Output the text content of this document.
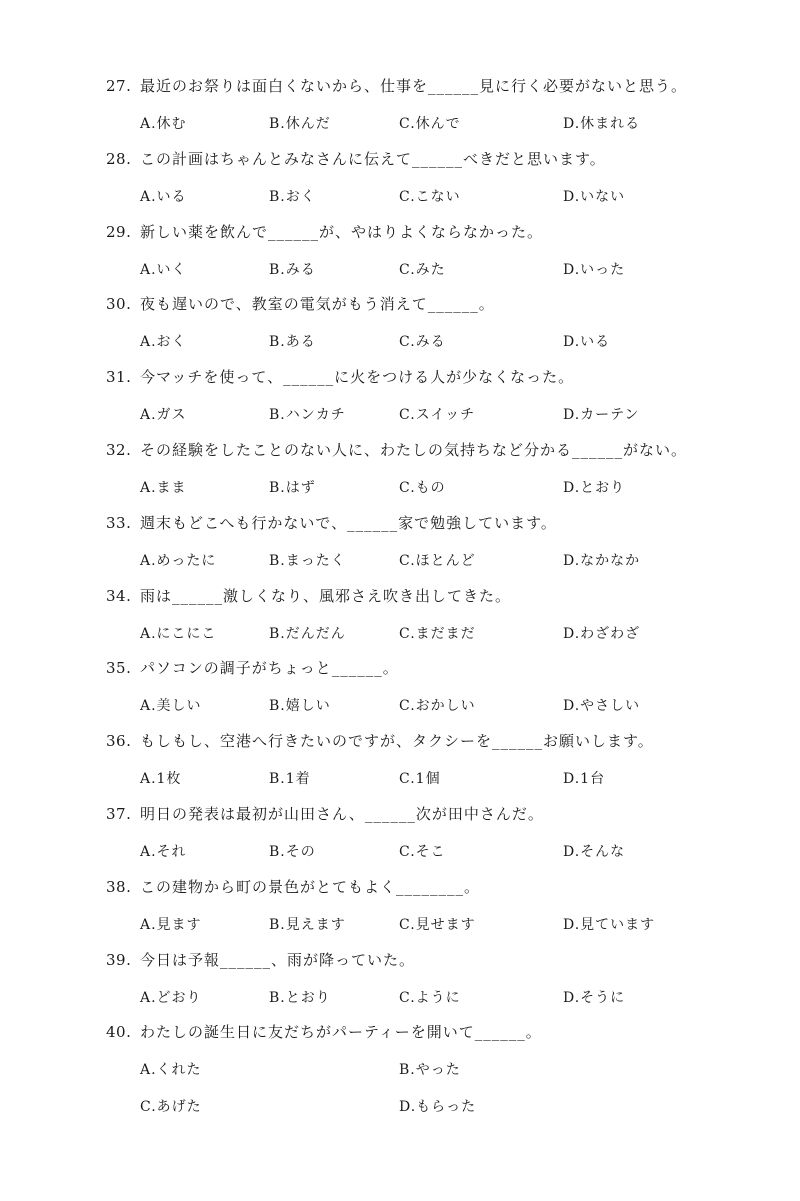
27. 最近のお祭りは面白くないから、仕事を______見に行く必要がないと思う。
A.休む	B.休んだ	C.休んで	D.休まれる
28. この計画はちゃんとみなさんに伝えて______べきだと思います。
A.いる	B.おく	C.こない	D.いない
29. 新しい薬を飲んで______が、やはりよくならなかった。
A.いく	B.みる	C.みた	D.いった
30. 夜も遅いので、教室の電気がもう消えて______。
A.おく	B.ある	C.みる	D.いる
31. 今マッチを使って、______に火をつける人が少なくなった。
A.ガス	B.ハンカチ	C.スイッチ	D.カーテン
32. その経験をしたことのない人に、わたしの気持ちなど分かる______がない。
A.まま	B.はず	C.もの	D.とおり
33. 週末もどこへも行かないで、______家で勉強しています。
A.めったに	B.まったく	C.ほとんど	D.なかなか
34. 雨は______激しくなり、風邪さえ吹き出してきた。
A.にこにこ	B.だんだん	C.まだまだ	D.わざわざ
35. パソコンの調子がちょっと______。
A.美しい	B.嬉しい	C.おかしい	D.やさしい
36. もしもし、空港へ行きたいのですが、タクシーを______お願いします。
A.1枚	B.1着	C.1個	D.1台
37. 明日の発表は最初が山田さん、______次が田中さんだ。
A.それ	B.その	C.そこ	D.そんな
38. この建物から町の景色がとてもよく________。
A.見ます	B.見えます	C.見せます	D.見ています
39. 今日は予報______、雨が降っていた。
A.どおり	B.とおり	C.ように	D.そうに
40. わたしの誕生日に友だちがパーティーを開いて______。
A.くれた	B.やった
C.あげた	D.もらった
